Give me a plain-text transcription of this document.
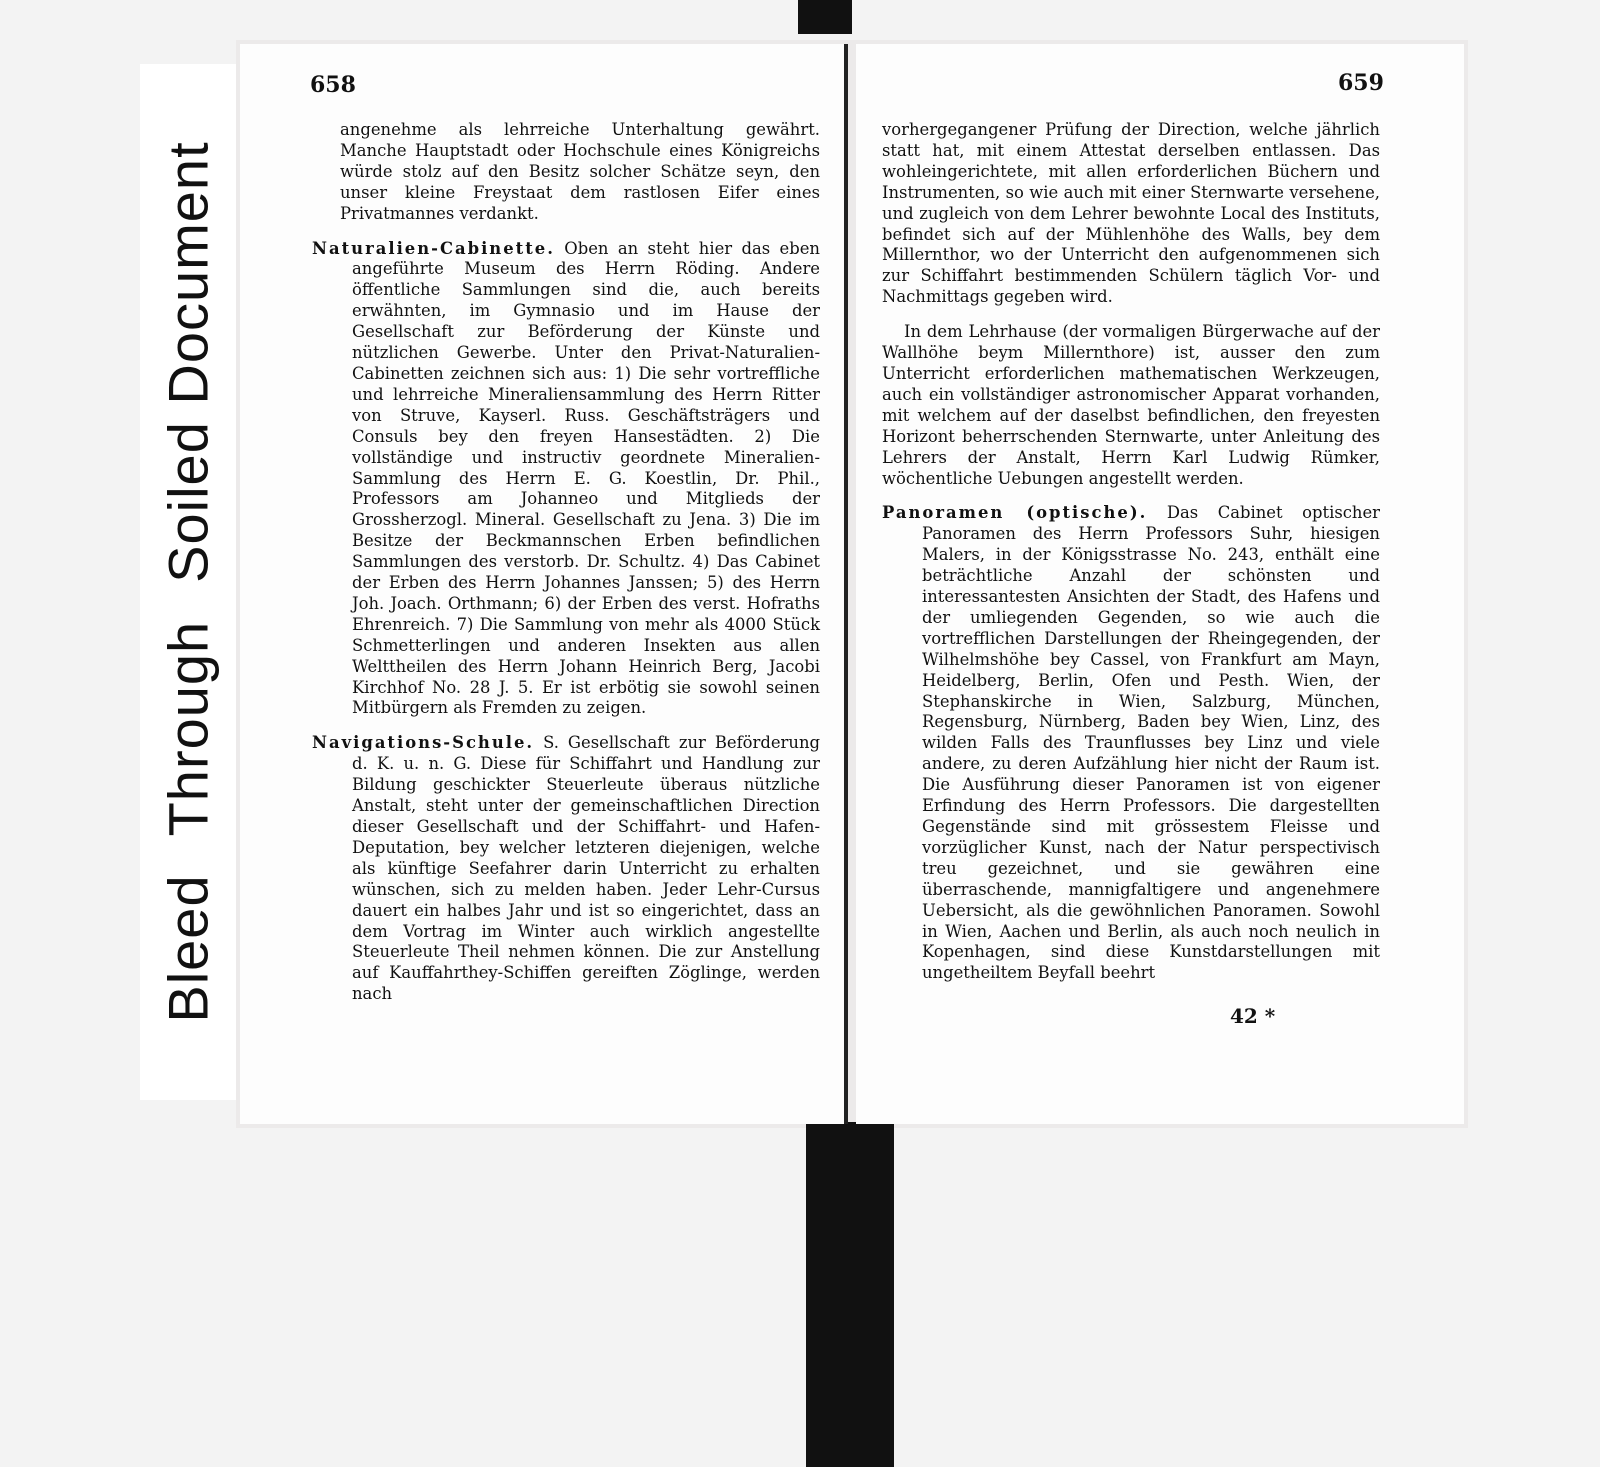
BleedThroughSoiled Document
658	659

angenehme als lehrreiche Unterhaltung gewährt. Manche Hauptstadt oder Hochschule eines Königreichs würde stolz auf den Besitz solcher Schätze seyn, den unser kleine Freystaat dem rastlosen Eifer eines Privatmannes verdankt.

Naturalien-Cabinette. Oben an steht hier das eben angeführte Museum des Herrn Röding. Andere öffentliche Sammlungen sind die, auch bereits erwähnten, im Gymnasio und im Hause der Gesellschaft zur Beförderung der Künste und nützlichen Gewerbe. Unter den Privat-Naturalien-Cabinetten zeichnen sich aus: 1) Die sehr vortreffliche und lehrreiche Mineraliensammlung des Herrn Ritter von Struve, Kayserl. Russ. Geschäftsträgers und Consuls bey den freyen Hansestädten. 2) Die vollständige und instructiv geordnete Mineralien-Sammlung des Herrn E. G. Koestlin, Dr. Phil., Professors am Johanneo und Mitglieds der Grossherzogl. Mineral. Gesellschaft zu Jena. 3) Die im Besitze der Beckmannschen Erben befindlichen Sammlungen des verstorb. Dr. Schultz. 4) Das Cabinet der Erben des Herrn Johannes Janssen; 5) des Herrn Joh. Joach. Orthmann; 6) der Erben des verst. Hofraths Ehrenreich. 7) Die Sammlung von mehr als 4000 Stück Schmetterlingen und anderen Insekten aus allen Welttheilen des Herrn Johann Heinrich Berg, Jacobi Kirchhof No. 28 J. 5. Er ist erbötig sie sowohl seinen Mitbürgern als Fremden zu zeigen.

Navigations-Schule. S. Gesellschaft zur Beförderung d. K. u. n. G. Diese für Schiffahrt und Handlung zur Bildung geschickter Steuerleute überaus nützliche Anstalt, steht unter der gemeinschaftlichen Direction dieser Gesellschaft und der Schiffahrt- und Hafen-Deputation, bey welcher letzteren diejenigen, welche als künftige Seefahrer darin Unterricht zu erhalten wünschen, sich zu melden haben. Jeder Lehr-Cursus dauert ein halbes Jahr und ist so eingerichtet, dass an dem Vortrag im Winter auch wirklich angestellte Steuerleute Theil nehmen können. Die zur Anstellung auf Kauffahrthey-Schiffen gereiften Zöglinge, werden nach

vorhergegangener Prüfung der Direction, welche jährlich statt hat, mit einem Attestat derselben entlassen. Das wohleingerichtete, mit allen erforderlichen Büchern und Instrumenten, so wie auch mit einer Sternwarte versehene, und zugleich von dem Lehrer bewohnte Local des Instituts, befindet sich auf der Mühlenhöhe des Walls, bey dem Millernthor, wo der Unterricht den aufgenommenen sich zur Schiffahrt bestimmenden Schülern täglich Vor- und Nachmittags gegeben wird.

In dem Lehrhause (der vormaligen Bürgerwache auf der Wallhöhe beym Millernthore) ist, ausser den zum Unterricht erforderlichen mathematischen Werkzeugen, auch ein vollständiger astronomischer Apparat vorhanden, mit welchem auf der daselbst befindlichen, den freyesten Horizont beherrschenden Sternwarte, unter Anleitung des Lehrers der Anstalt, Herrn Karl Ludwig Rümker, wöchentliche Uebungen angestellt werden.

Panoramen (optische). Das Cabinet optischer Panoramen des Herrn Professors Suhr, hiesigen Malers, in der Königsstrasse No. 243, enthält eine beträchtliche Anzahl der schönsten und interessantesten Ansichten der Stadt, des Hafens und der umliegenden Gegenden, so wie auch die vortrefflichen Darstellungen der Rheingegenden, der Wilhelmshöhe bey Cassel, von Frankfurt am Mayn, Heidelberg, Berlin, Ofen und Pesth. Wien, der Stephanskirche in Wien, Salzburg, München, Regensburg, Nürnberg, Baden bey Wien, Linz, des wilden Falls des Traunflusses bey Linz und viele andere, zu deren Aufzählung hier nicht der Raum ist. Die Ausführung dieser Panoramen ist von eigener Erfindung des Herrn Professors. Die dargestellten Gegenstände sind mit grössestem Fleisse und vorzüglicher Kunst, nach der Natur perspectivisch treu gezeichnet, und sie gewähren eine überraschende, mannigfaltigere und angenehmere Uebersicht, als die gewöhnlichen Panoramen. Sowohl in Wien, Aachen und Berlin, als auch noch neulich in Kopenhagen, sind diese Kunstdarstellungen mit ungetheiltem Beyfall beehrt

42 *
